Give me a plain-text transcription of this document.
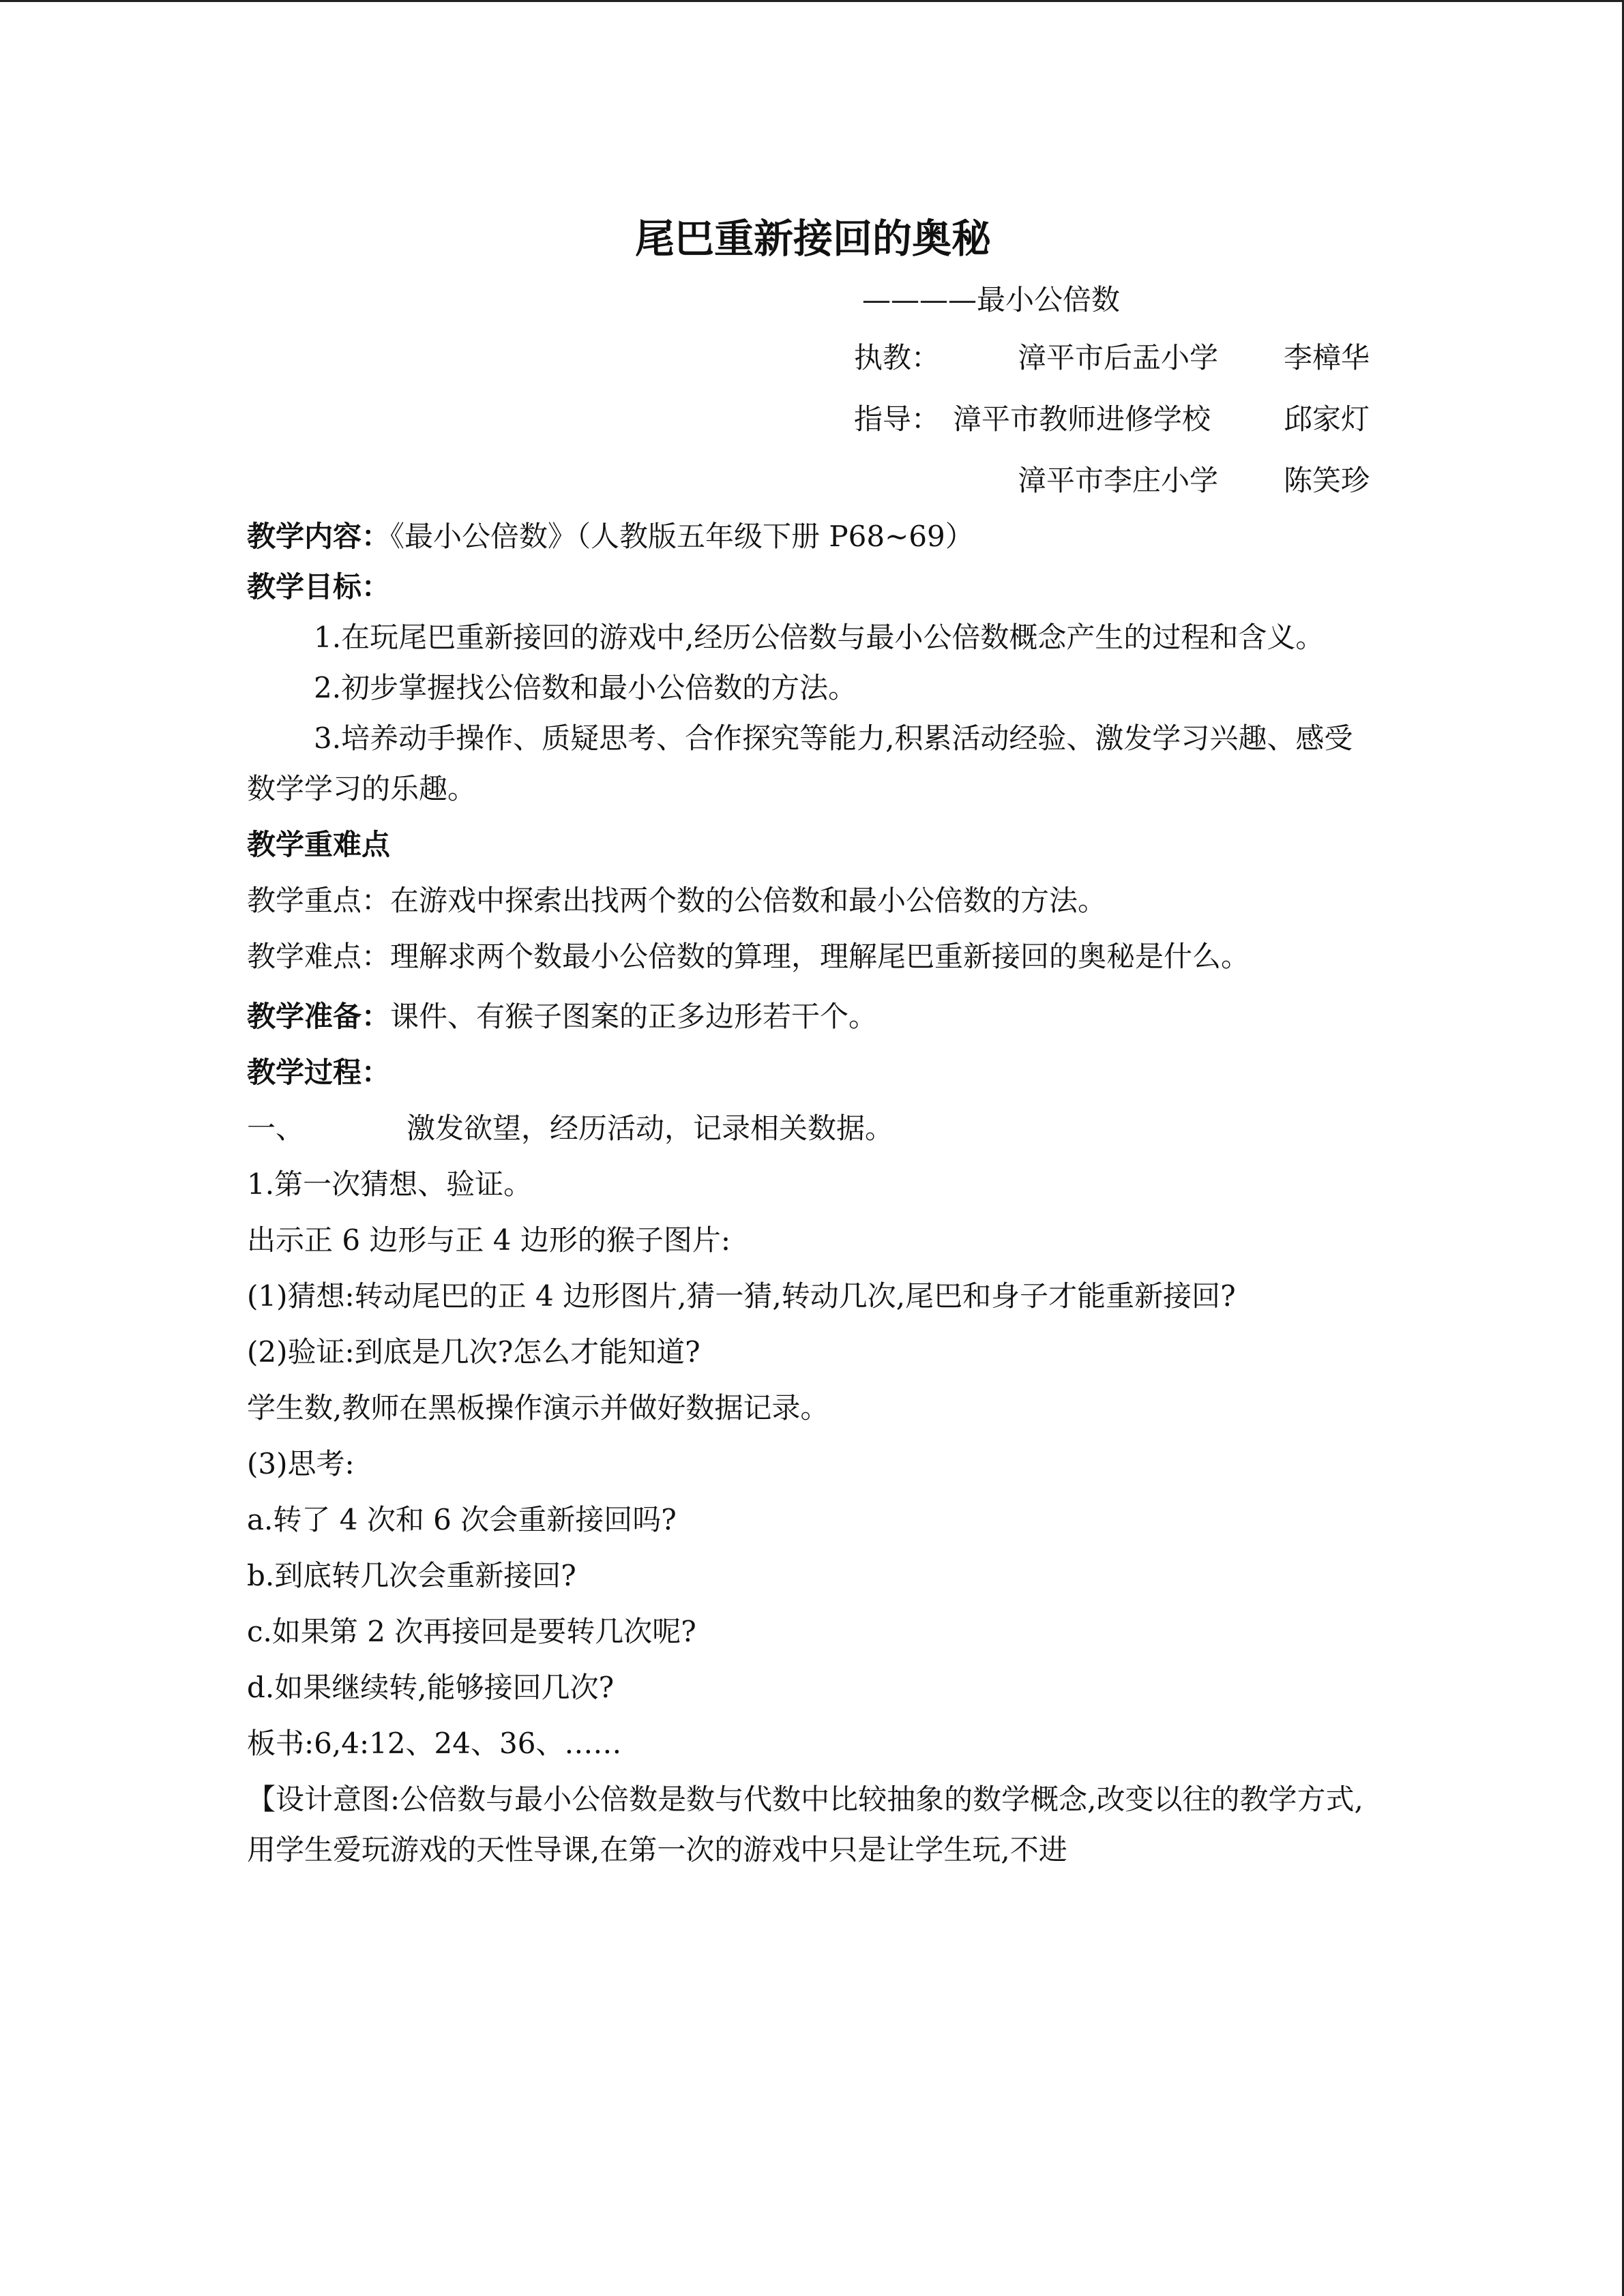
尾巴重新接回的奥秘
————最小公倍数
执教：	漳平市后盂小学 李樟华
指导： 漳平市教师进修学校	邱家灯
漳平市李庄小学 陈笑珍
教学内容：《最小公倍数》（人教版五年级下册 P68~69）
教学目标：

1.在玩尾巴重新接回的游戏中,经历公倍数与最小公倍数概念产生的过程和含义。

2.初步掌握找公倍数和最小公倍数的方法。

3.培养动手操作、质疑思考、合作探究等能力,积累活动经验、激发学习兴趣、感受数学学习的乐趣。

教学重难点

教学重点：在游戏中探索出找两个数的公倍数和最小公倍数的方法。

教学难点：理解求两个数最小公倍数的算理，理解尾巴重新接回的奥秘是什么。

教学准备：课件、有猴子图案的正多边形若干个。
教学过程：
一、	激发欲望，经历活动，记录相关数据。

1.第一次猜想、验证。

出示正 6 边形与正 4 边形的猴子图片:

(1)猜想:转动尾巴的正 4 边形图片,猜一猜,转动几次,尾巴和身子才能重新接回?

(2)验证:到底是几次?怎么才能知道?

学生数,教师在黑板操作演示并做好数据记录。

(3)思考:

a.转了 4 次和 6 次会重新接回吗?

b.到底转几次会重新接回?

c.如果第 2 次再接回是要转几次呢?

d.如果继续转,能够接回几次?

板书:6,4:12、24、36、……

【设计意图:公倍数与最小公倍数是数与代数中比较抽象的数学概念,改变以往的教学方式,用学生爱玩游戏的天性导课,在第一次的游戏中只是让学生玩,不进
